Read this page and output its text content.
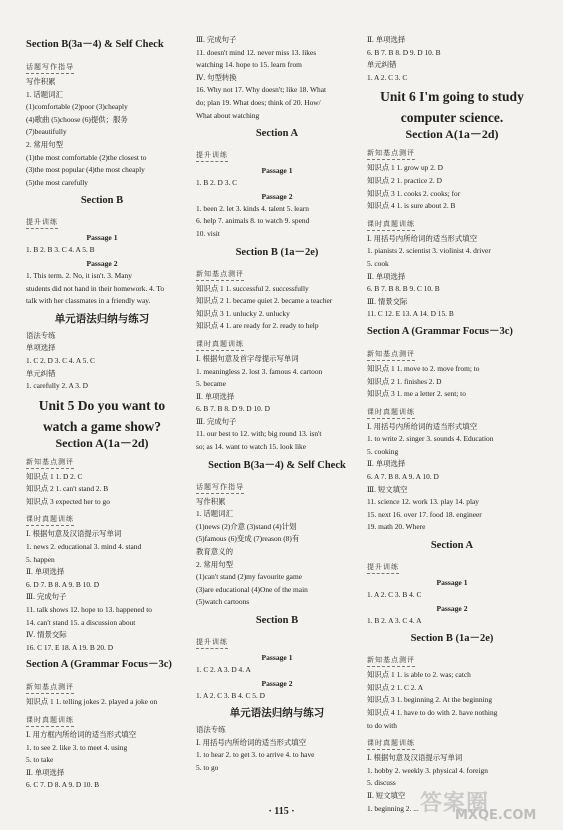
Section B(3a－4) & Self Check
话题写作指导
写作积累
1. 话题词汇
(1)comfortable (2)poor (3)cheaply
(4)歌曲 (5)choose (6)提供；服务
(7)beautifully
2. 常用句型
(1)the most comfortable (2)the closest to
(3)the most popular (4)the most cheaply
(5)the most carefully
Section B
提升训练
Passage 1
1. B 2. B 3. C 4. A 5. B
Passage 2
1. This term. 2. No, it isn't. 3. Many
students did not hand in their homework. 4. To
talk with her classmates in a friendly way.
单元语法归纳与练习
语法专练
单项选择
1. C 2. D 3. C 4. A 5. C
单元纠错
1. carefully 2. A 3. D
Unit 5 Do you want to
watch a game show?
Section A(1a－2d)
新知基点测评
知识点 1 1. D 2. C
知识点 2 1. can't stand 2. B
知识点 3 expected her to go
课时真题训练
Ⅰ. 根据句意及汉语提示写单词
1. news 2. educational 3. mind 4. stand
5. happen
Ⅱ. 单项选择
6. D 7. B 8. A 9. B 10. D
Ⅲ. 完成句子
11. talk shows 12. hope to 13. happened to
14. can't stand 15. a discussion about
Ⅳ. 情景交际
16. C 17. E 18. A 19. B 20. D
Section A (Grammar Focus－3c)
新知基点测评
知识点 1 1. telling jokes 2. played a joke on
课时真题训练
Ⅰ. 用方框内所给词的适当形式填空
1. to see 2. like 3. to meet 4. using
5. to take
Ⅱ. 单项选择
6. C 7. D 8. A 9. D 10. B
Ⅲ. 完成句子
11. doesn't mind 12. never miss 13. likes
watching 14. hope to 15. learn from
Ⅳ. 句型转换
16. Why not 17. Why doesn't; like 18. What
do; plan 19. What does; think of 20. How/
What about watching
Section A
提升训练
Passage 1
1. B 2. D 3. C
Passage 2
1. been 2. let 3. kinds 4. talent 5. learn
6. help 7. animals 8. to watch 9. spend
10. visit
Section B (1a－2e)
新知基点测评
知识点 1 1. successful 2. successfully
知识点 2 1. became quiet 2. became a teacher
知识点 3 1. unlucky 2. unlucky
知识点 4 1. are ready for 2. ready to help
课时真题训练
Ⅰ. 根据句意及首字母提示写单词
1. meaningless 2. lost 3. famous 4. cartoon
5. became
Ⅱ. 单项选择
6. B 7. B 8. D 9. D 10. D
Ⅲ. 完成句子
11. our best to 12. with; big round 13. isn't
so; as 14. want to watch 15. look like
Section B(3a－4) & Self Check
话题写作指导
写作积累
1. 话题词汇
(1)news (2)介意 (3)stand (4)计划
(5)famous (6)变成 (7)reason (8)有
教育意义的
2. 常用句型
(1)can't stand (2)my favourite game
(3)are educational (4)One of the main
(5)watch cartoons
Section B
提升训练
Passage 1
1. C 2. A 3. D 4. A
Passage 2
1. A 2. C 3. B 4. C 5. D
单元语法归纳与练习
语法专练
Ⅰ. 用括号内所给词的适当形式填空
1. to hear 2. to get 3. to arrive 4. to have
5. to go
Ⅱ. 单项选择
6. B 7. B 8. D 9. D 10. B
单元纠错
1. A 2. C 3. C
Unit 6 I'm going to study
computer science.
Section A(1a－2d)
新知基点测评
知识点 1 1. grow up 2. D
知识点 2 1. practice 2. D
知识点 3 1. cooks 2. cooks; for
知识点 4 1. is sure about 2. B
课时真题训练
Ⅰ. 用括号内所给词的适当形式填空
1. pianists 2. scientist 3. violinist 4. driver
5. cook
Ⅱ. 单项选择
6. B 7. B 8. B 9. C 10. B
Ⅲ. 情景交际
11. C 12. E 13. A 14. D 15. B
Section A (Grammar Focus－3c)
新知基点测评
知识点 1 1. move to 2. move from; to
知识点 2 1. finishes 2. D
知识点 3 1. me a letter 2. sent; to
课时真题训练
Ⅰ. 用括号内所给词的适当形式填空
1. to write 2. singer 3. sounds 4. Education
5. cooking
Ⅱ. 单项选择
6. A 7. B 8. A 9. A 10. D
Ⅲ. 短文填空
11. science 12. work 13. play 14. play
15. next 16. over 17. food 18. engineer
19. math 20. Where
Section A
提升训练
Passage 1
1. A 2. C 3. B 4. C
Passage 2
1. B 2. A 3. C 4. A
Section B (1a－2e)
新知基点测评
知识点 1 1. is able to 2. was; catch
知识点 2 1. C 2. A
知识点 3 1. beginning 2. At the beginning
知识点 4 1. have to do with 2. have nothing
to do with
课时真题训练
Ⅰ. 根据句意及汉语提示写单词
1. hobby 2. weekly 3. physical 4. foreign
5. discuss
Ⅱ. 短文填空
1. beginning 2. ...
· 115 ·	答案圈
MXQE.COM
